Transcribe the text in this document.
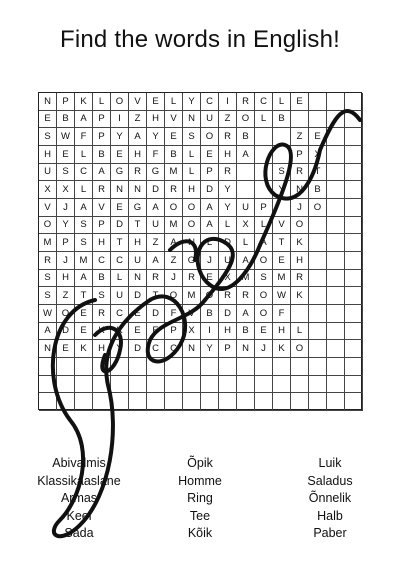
Find the words in English!
N	P	K	L	O	V	E	L	Y	C	I	R	C	L	E
E	B	A	P	I	Z	H	V	N	U	Z	O	L	B
S	W	F	P	Y	A	Y	E	S	O	R	B	Z	E
H	E	L	B	E	H	F	B	L	E	H	A	P	X
U	S	C	A	G	R	G	M	L	P	R	S	R	T
X	X	L	R	N	N	D	R	H	D	Y	Y	N	B
V	J	A	V	E	G	A	O	O	A	Y	U	P	J	O
O	Y	S	P	D	T	U	M	O	A	L	X	L	V	O
M	P	S	H	T	H	Z	A	N	L	D	L	A	T	K
R	J	M	C	C	U	A	Z	G	J	U	A	O	E	H
S	H	A	B	L	N	R	J	R	E	X	M	S	M	R
S	Z	T	S	U	D	T	O	M	O	R	R	O	W	K
W	O	E	R	C	E	D	F	V	B	D	A	O	F
A	D	E	K	K	E	E	P	X	I	H	B	E	H	L
N	E	K	H	Y	D	C	C	N	Y	P	N	J	K	O
Abivalmis
Klassikaaslane
Armas
Keel
Sada
Õpik
Homme
Ring
Tee
Kõik
Luik
Saladus
Õnnelik
Halb
Paber
